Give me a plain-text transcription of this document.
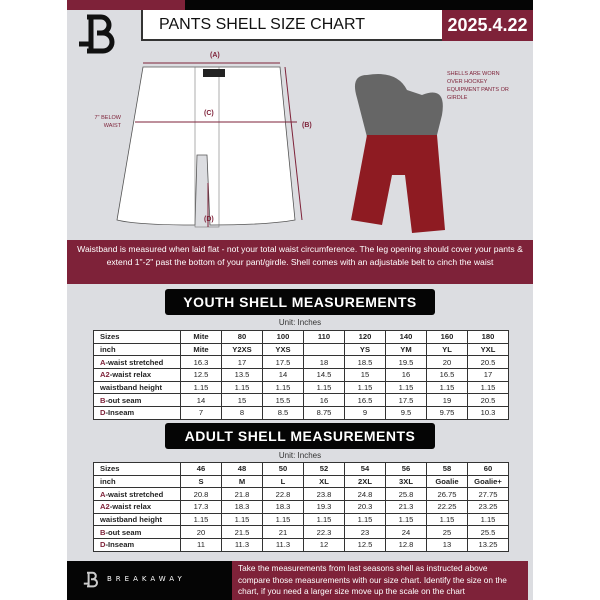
PANTS SHELL SIZE CHART	2025.4.22
(A)
(C)
(B)
(D)
7'' BELOW WAIST
SHELLS ARE WORN OVER HOCKEY EQUIPMENT PANTS OR GIRDLE
Waistband is measured when laid flat - not your total waist circumference. The leg opening should cover your pants & extend 1"-2" past the bottom of your pant/girdle. Shell comes with an adjustable belt to cinch the waist
YOUTH SHELL MEASUREMENTS
Unit: Inches
Sizes	Mite	80	100	110	120	140	160	180
inch	Mite	Y2XS	YXS		YS	YM	YL	YXL
A-waist stretched	16.3	17	17.5	18	18.5	19.5	20	20.5
A2-waist relax	12.5	13.5	14	14.5	15	16	16.5	17
waistband height	1.15	1.15	1.15	1.15	1.15	1.15	1.15	1.15
B-out seam	14	15	15.5	16	16.5	17.5	19	20.5
D-Inseam	7	8	8.5	8.75	9	9.5	9.75	10.3
ADULT SHELL MEASUREMENTS
Unit: Inches
Sizes	46	48	50	52	54	56	58	60
inch	S	M	L	XL	2XL	3XL	Goalie	Goalie+
A-waist stretched	20.8	21.8	22.8	23.8	24.8	25.8	26.75	27.75
A2-waist relax	17.3	18.3	18.3	19.3	20.3	21.3	22.25	23.25
waistband height	1.15	1.15	1.15	1.15	1.15	1.15	1.15	1.15
B-out seam	20	21.5	21	22.3	23	24	25	25.5
D-Inseam	11	11.3	11.3	12	12.5	12.8	13	13.25
BREAKAWAY
Take the measurements from last seasons shell as instructed above compare those measurements with our size chart. Identify the size on the chart, if you need a larger size move up the scale on the chart
